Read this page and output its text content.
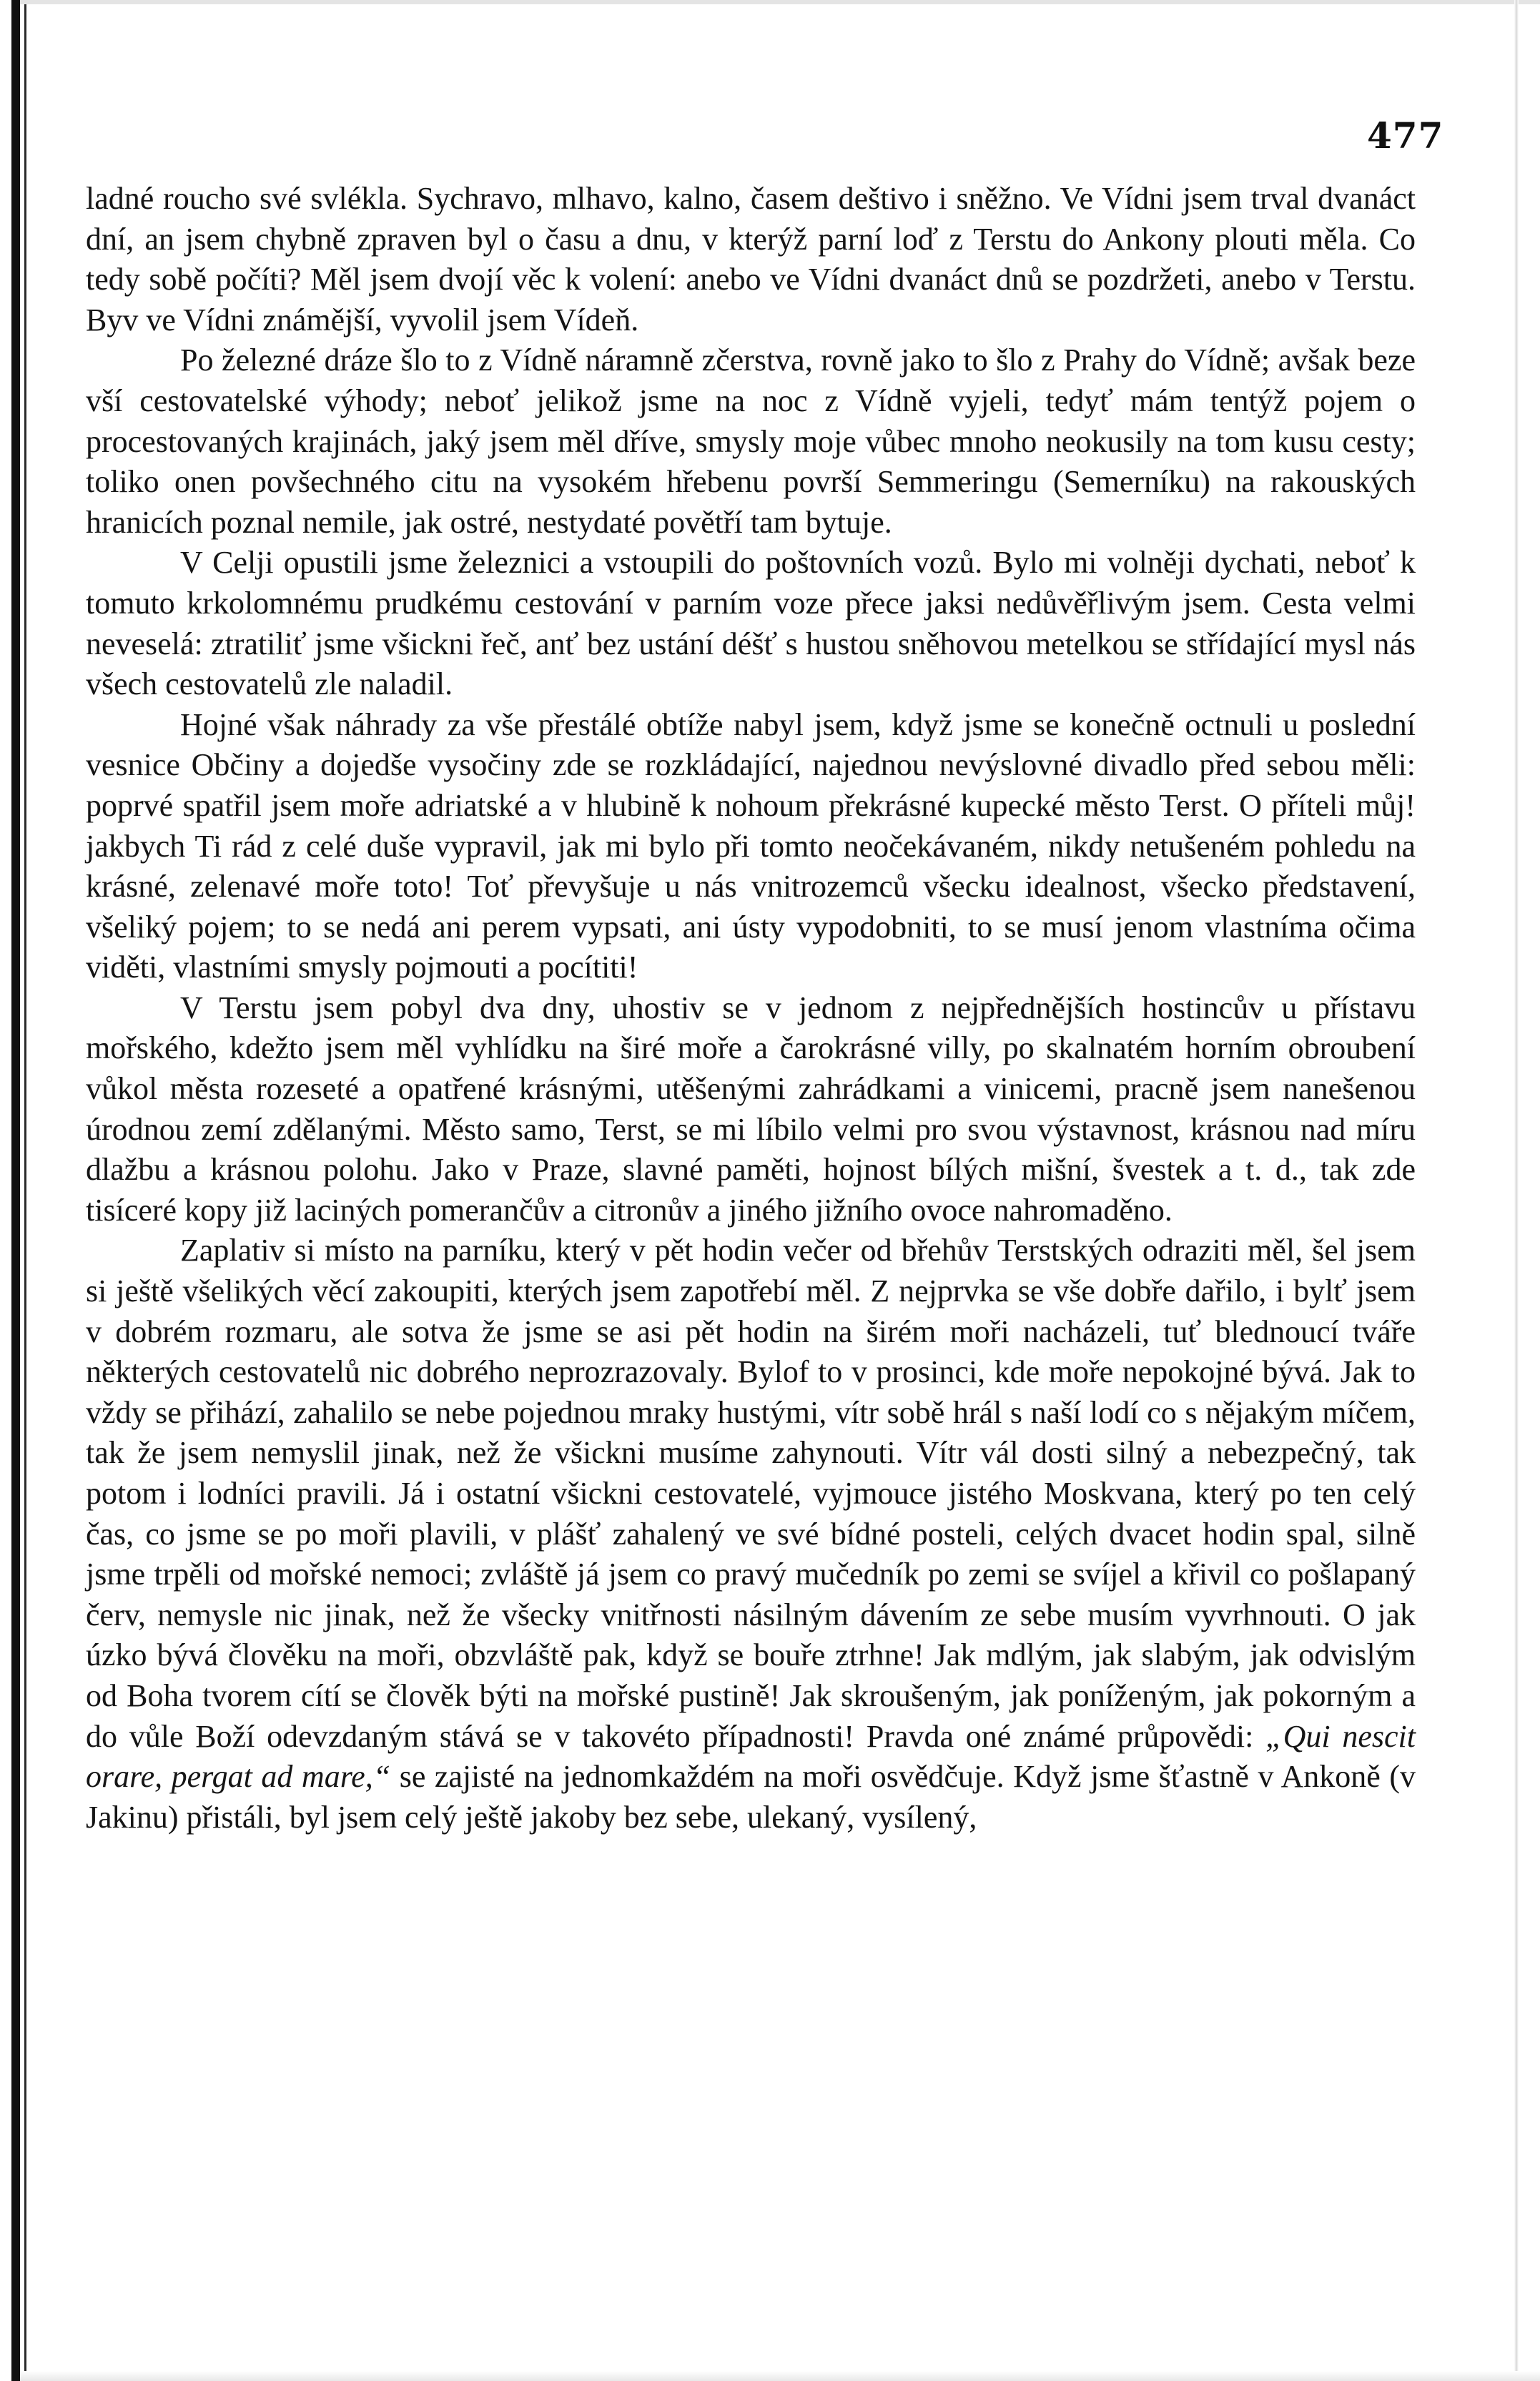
477

ladné roucho své svlékla. Sychravo, mlhavo, kalno, časem deštivo i sněžno. Ve Vídni jsem trval dvanáct dní, an jsem chybně zpraven byl o času a dnu, v kterýž parní loď z Terstu do Ankony plouti měla. Co tedy sobě počíti? Měl jsem dvojí věc k volení: anebo ve Vídni dvanáct dnů se pozdržeti, anebo v Terstu. Byv ve Vídni známější, vyvolil jsem Vídeň.

Po železné dráze šlo to z Vídně náramně zčerstva, rovně jako to šlo z Prahy do Vídně; avšak beze vší cestovatelské výhody; neboť jelikož jsme na noc z Vídně vyjeli, tedyť mám tentýž pojem o procestovaných krajinách, jaký jsem měl dříve, smysly moje vůbec mnoho neokusily na tom kusu cesty; toliko onen povšechného citu na vysokém hřebenu površí Semmeringu (Semerníku) na rakouských hranicích poznal nemile, jak ostré, nestydaté povětří tam bytuje.

V Celji opustili jsme železnici a vstoupili do poštovních vozů. Bylo mi volněji dychati, neboť k tomuto krkolomnému prudkému cestování v parním voze přece jaksi nedůvěřlivým jsem. Cesta velmi neveselá: ztratiliť jsme všickni řeč, anť bez ustání déšť s hustou sněhovou metelkou se střídající mysl nás všech cestovatelů zle naladil.

Hojné však náhrady za vše přestálé obtíže nabyl jsem, když jsme se konečně octnuli u poslední vesnice Občiny a dojedše vysočiny zde se rozkládající, najednou nevýslovné divadlo před sebou měli: poprvé spatřil jsem moře adriatské a v hlubině k nohoum překrásné kupecké město Terst. O příteli můj! jakbych Ti rád z celé duše vypravil, jak mi bylo při tomto neočekávaném, nikdy netušeném pohledu na krásné, zelenavé moře toto! Toť převyšuje u nás vnitrozemců všecku idealnost, všecko představení, všeliký pojem; to se nedá ani perem vypsati, ani ústy vypodobniti, to se musí jenom vlastníma očima viděti, vlastními smysly pojmouti a pocítiti!

V Terstu jsem pobyl dva dny, uhostiv se v jednom z nejpřednějších hostincův u přístavu mořského, kdežto jsem měl vyhlídku na širé moře a čarokrásné villy, po skalnatém horním obroubení vůkol města rozeseté a opatřené krásnými, utěšenými zahrádkami a vinicemi, pracně jsem nanešenou úrodnou zemí zdělanými. Město samo, Terst, se mi líbilo velmi pro svou výstavnost, krásnou nad míru dlažbu a krásnou polohu. Jako v Praze, slavné paměti, hojnost bílých mišní, švestek a t. d., tak zde tisíceré kopy již laciných pomerančův a citronův a jiného jižního ovoce nahromaděno.

Zaplativ si místo na parníku, který v pět hodin večer od břehův Terstských odraziti měl, šel jsem si ještě všelikých věcí zakoupiti, kterých jsem zapotřebí měl. Z nejprvka se vše dobře dařilo, i bylť jsem v dobrém rozmaru, ale sotva že jsme se asi pět hodin na širém moři nacházeli, tuť blednoucí tváře některých cestovatelů nic dobrého neprozrazovaly. Bylof to v prosinci, kde moře nepokojné bývá. Jak to vždy se přihází, zahalilo se nebe pojednou mraky hustými, vítr sobě hrál s naší lodí co s nějakým míčem, tak že jsem nemyslil jinak, než že všickni musíme zahynouti. Vítr vál dosti silný a nebezpečný, tak potom i lodníci pravili. Já i ostatní všickni cestovatelé, vyjmouce jistého Moskvana, který po ten celý čas, co jsme se po moři plavili, v plášť zahalený ve své bídné posteli, celých dvacet hodin spal, silně jsme trpěli od mořské nemoci; zvláště já jsem co pravý mučedník po zemi se svíjel a křivil co pošlapaný červ, nemysle nic jinak, než že všecky vnitřnosti násilným dávením ze sebe musím vyvrhnouti. O jak úzko bývá člověku na moři, obzvláště pak, když se bouře ztrhne! Jak mdlým, jak slabým, jak odvislým od Boha tvorem cítí se člověk býti na mořské pustině! Jak skroušeným, jak poníženým, jak pokorným a do vůle Boží odevzdaným stává se v takovéto případnosti! Pravda oné známé průpovědi: „Qui nescit orare, pergat ad mare,“ se zajisté na jednomkaždém na moři osvědčuje. Když jsme šťastně v Ankoně (v Jakinu) přistáli, byl jsem celý ještě jakoby bez sebe, ulekaný, vysílený,
